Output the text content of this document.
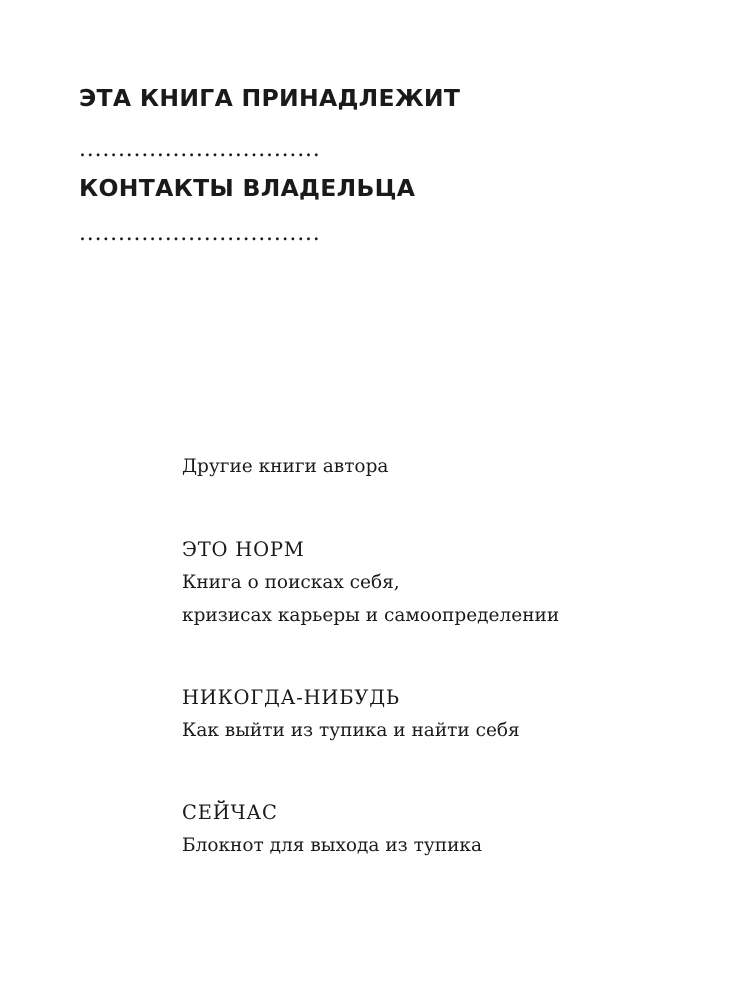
ЭТА КНИГА ПРИНАДЛЕЖИТ
...............................
КОНТАКТЫ ВЛАДЕЛЬЦА
...............................

Другие книги автора

ЭТО НОРМ

Книга о поисках себя,

кризисах карьеры и самоопределении

НИКОГДА-НИБУДЬ

Как выйти из тупика и найти себя

СЕЙЧАС

Блокнот для выхода из тупика
